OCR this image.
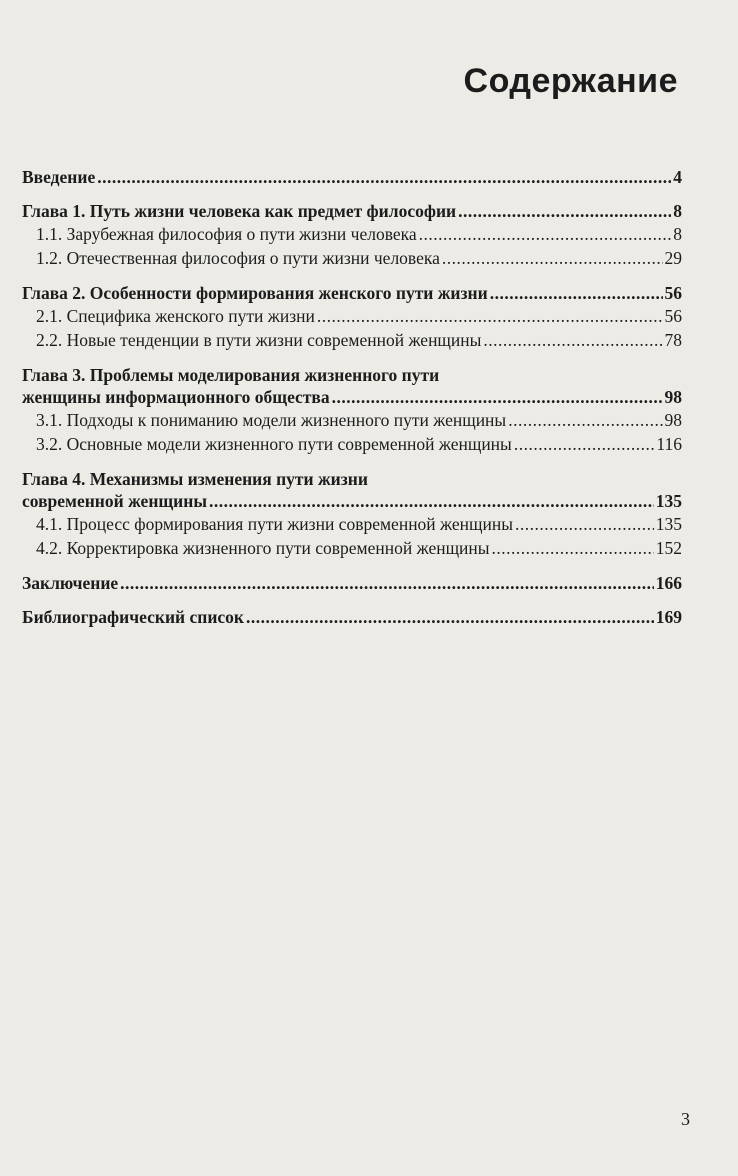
Содержание
Введение .....	4
Глава 1. Путь жизни человека как предмет философии .....	8
1.1. Зарубежная философия о пути жизни человека .....	8
1.2. Отечественная философия о пути жизни человека .....	29
Глава 2. Особенности формирования женского пути жизни .....	56
2.1. Специфика женского пути жизни .....	56
2.2. Новые тенденции в пути жизни современной женщины .....	78
Глава 3. Проблемы моделирования жизненного пути
женщины информационного общества .....	98
3.1. Подходы к пониманию модели жизненного пути женщины .....	98
3.2. Основные модели жизненного пути современной женщины .....	116
Глава 4. Механизмы изменения пути жизни
современной женщины .....	135
4.1. Процесс формирования пути жизни современной женщины .....	135
4.2. Корректировка жизненного пути современной женщины .....	152
Заключение .....	166
Библиографический список .....	169
3
